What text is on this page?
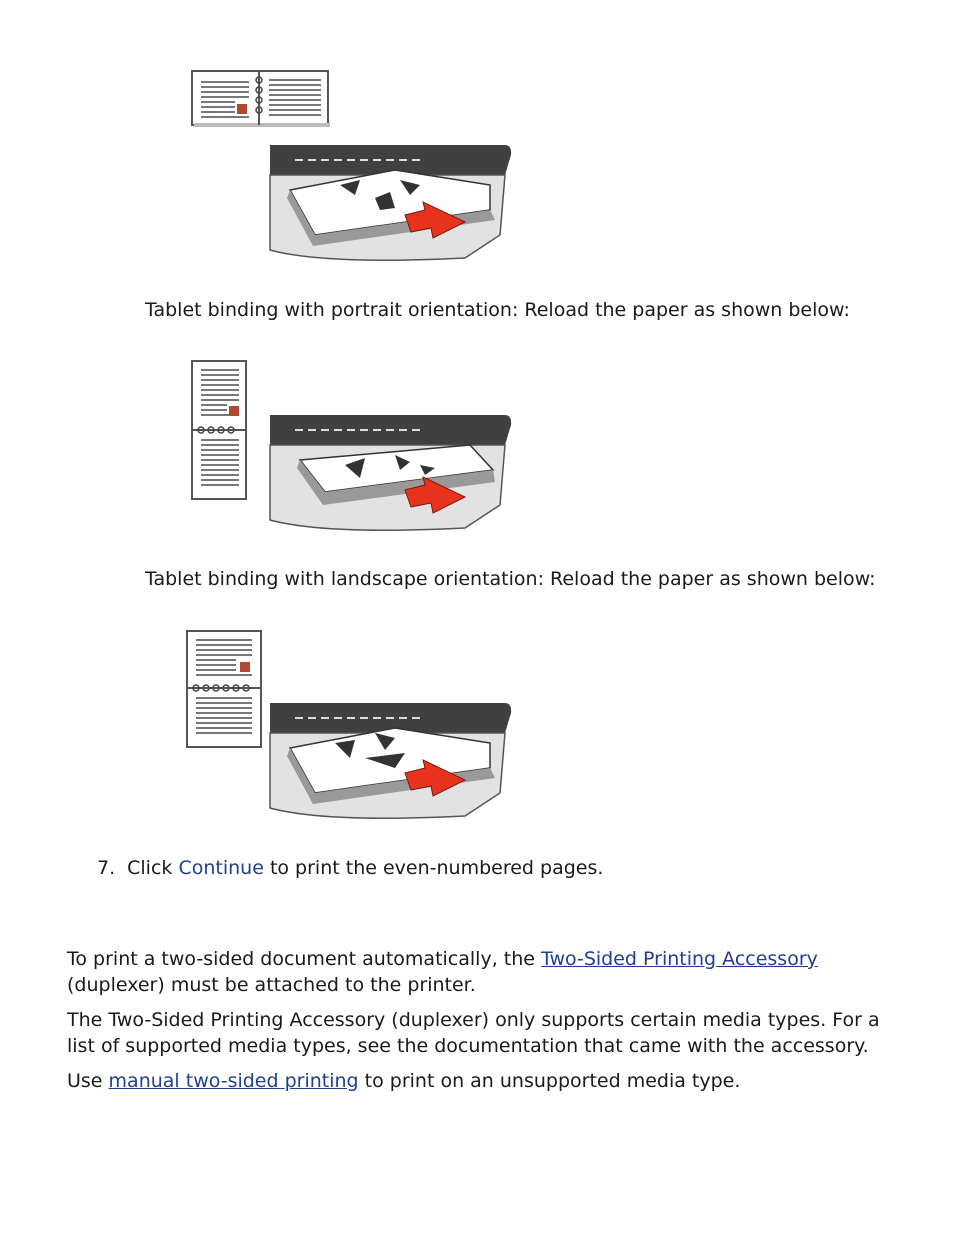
Tablet binding with portrait orientation: Reload the paper as shown below:
Tablet binding with landscape orientation: Reload the paper as shown below:
7. Click Continue to print the even-numbered pages.
To print a two-sided document automatically, the Two-Sided Printing Accessory
(duplexer) must be attached to the printer.
The Two-Sided Printing Accessory (duplexer) only supports certain media types. For a list of supported media types, see the documentation that came with the accessory.
Use manual two-sided printing to print on an unsupported media type.
